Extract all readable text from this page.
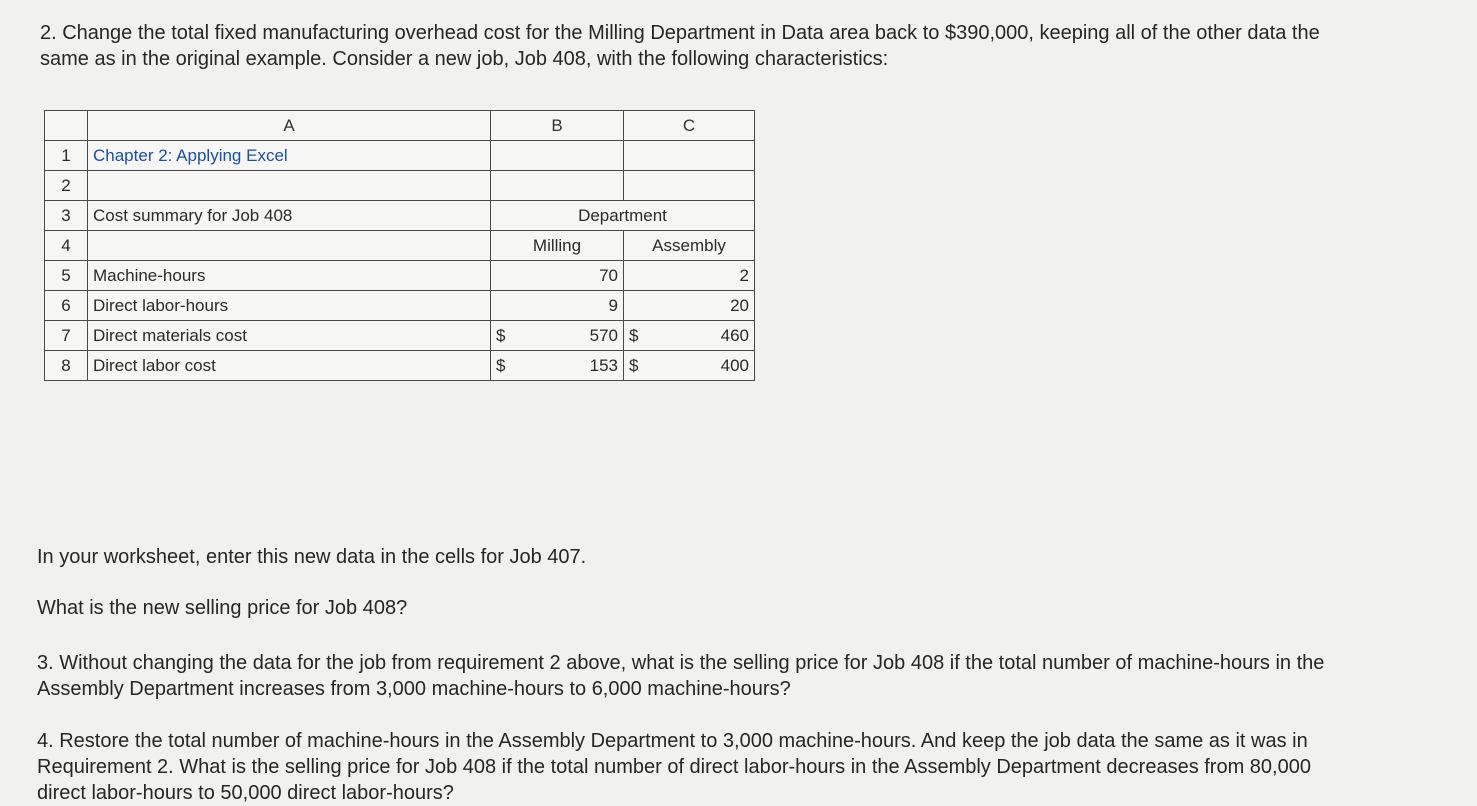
2. Change the total fixed manufacturing overhead cost for the Milling Department in Data area back to $390,000, keeping all of the other data the same as in the original example. Consider a new job, Job 408, with the following characteristics:

	A	B		C	
1	Chapter 2: Applying Excel				
2					
3	Cost summary for Job 408	Department			
4		Milling		Assembly	
5	Machine-hours		70		2
6	Direct labor-hours		9		20
7	Direct materials cost	$	570	$	460
8	Direct labor cost	$	153	$	400

In your worksheet, enter this new data in the cells for Job 407.

What is the new selling price for Job 408?

3. Without changing the data for the job from requirement 2 above, what is the selling price for Job 408 if the total number of machine-hours in the Assembly Department increases from 3,000 machine-hours to 6,000 machine-hours?

4. Restore the total number of machine-hours in the Assembly Department to 3,000 machine-hours. And keep the job data the same as it was in Requirement 2. What is the selling price for Job 408 if the total number of direct labor-hours in the Assembly Department decreases from 80,000 direct labor-hours to 50,000 direct labor-hours?
